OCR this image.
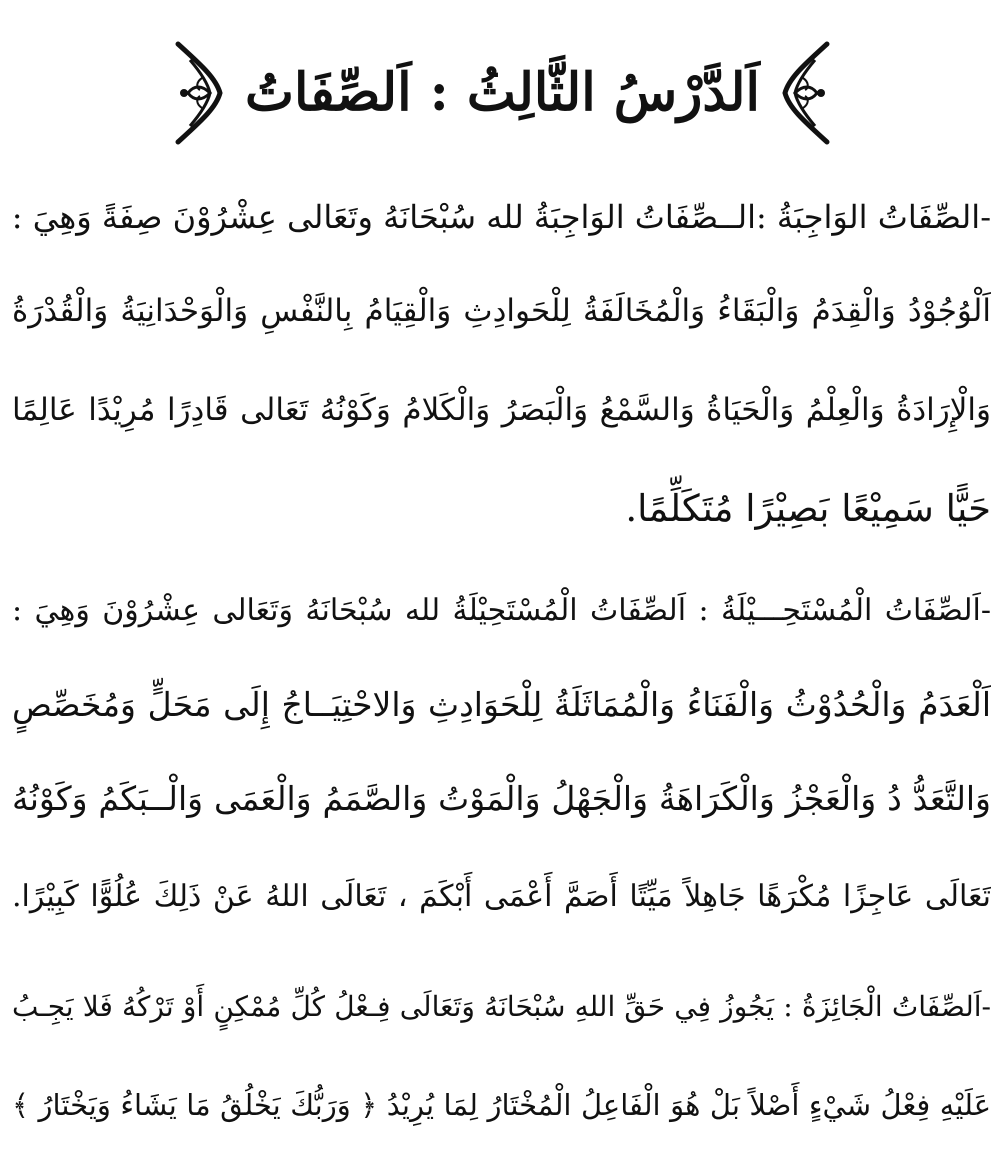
اَلدَّرْسُ الثَّالِثُ : اَلصِّفَاتُ
-الصِّفَاتُ الوَاجِبَةُ :الــصِّفَاتُ الوَاجِبَةُ لله سُبْحَانَهُ وتَعَالى عِشْرُوْنَ صِفَةً وَهِيَ :
اَلْوُجُوْدُ وَالْقِدَمُ وَالْبَقَاءُ وَالْمُخَالَفَةُ لِلْحَوادِثِ وَالْقِيَامُ بِالنَّفْسِ وَالْوَحْدَانِيَةُ وَالْقُدْرَةُ
وَالْإِرَادَةُ وَالْعِلْمُ وَالْحَيَاةُ وَالسَّمْعُ وَالْبَصَرُ وَالْكَلامُ وَكَوْنُهُ تَعَالى قَادِرًا مُرِيْدًا عَالِمًا
حَيًّا سَمِيْعًا بَصِيْرًا مُتَكَلِّمًا.
-اَلصِّفَاتُ الْمُسْتَحِـــيْلَةُ : اَلصِّفَاتُ الْمُسْتَحِيْلَةُ لله سُبْحَانَهُ وَتَعَالى عِشْرُوْنَ وَهِيَ :
اَلْعَدَمُ وَالْحُدُوْثُ وَالْفَنَاءُ وَالْمُمَاثَلَةُ لِلْحَوَادِثِ وَالاحْتِيَــاجُ إِلَى مَحَلٍّ وَمُخَصِّصٍ
وَالتَّعَدُّ دُ وَالْعَجْزُ وَالْكَرَاهَةُ وَالْجَهْلُ وَالْمَوْتُ وَالصَّمَمُ وَالْعَمَى وَالْــبَكَمُ وَكَوْنُهُ
تَعَالَى عَاجِزًا مُكْرَهًا جَاهِلاً مَيِّتًا أَصَمَّ أَعْمَى أَبْكَمَ ، تَعَالَى اللهُ عَنْ ذَلِكَ عُلُوًّا كَبِيْرًا.
-اَلصِّفَاتُ الْجَائِزَةُ : يَجُوزُ فِي حَقِّ اللهِ سُبْحَانَهُ وَتَعَالَى فِـعْلُ كُلِّ مُمْكِنٍ أَوْ تَرْكُهُ فَلا يَجِـبُ
عَلَيْهِ فِعْلُ شَيْءٍ أَصْلاً بَلْ هُوَ الْفَاعِلُ الْمُخْتَارُ لِمَا يُرِيْدُ ﴿ وَرَبُّكَ يَخْلُقُ مَا يَشَاءُ وَيَخْتَارُ ﴾
